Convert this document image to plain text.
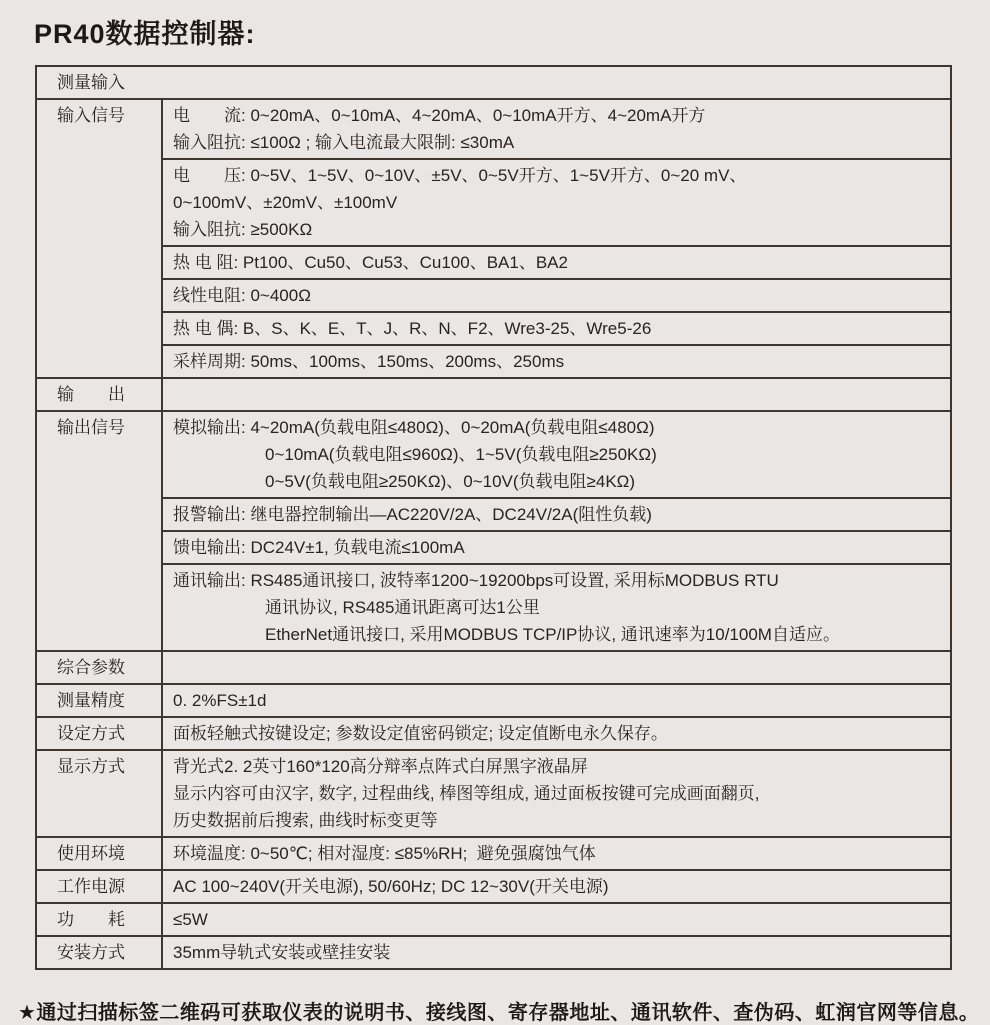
PR40数据控制器:
测量输入
输入信号	电　　流: 0~20mA、0~10mA、4~20mA、0~10mA开方、4~20mA开方
输入阻抗: ≤100Ω ; 输入电流最大限制: ≤30mA
电　　压: 0~5V、1~5V、0~10V、±5V、0~5V开方、1~5V开方、0~20 mV、
0~100mV、±20mV、±100mV
输入阻抗: ≥500KΩ
热 电 阻: Pt100、Cu50、Cu53、Cu100、BA1、BA2
线性电阻: 0~400Ω
热 电 偶: B、S、K、E、T、J、R、N、F2、Wre3-25、Wre5-26
采样周期: 50ms、100ms、150ms、200ms、250ms
输　　出
输出信号	模拟输出: 4~20mA(负载电阻≤480Ω)、0~20mA(负载电阻≤480Ω)
0~10mA(负载电阻≤960Ω)、1~5V(负载电阻≥250KΩ)
0~5V(负载电阻≥250KΩ)、0~10V(负载电阻≥4KΩ)
报警输出: 继电器控制输出—AC220V/2A、DC24V/2A(阻性负载)
馈电输出: DC24V±1, 负载电流≤100mA
通讯输出: RS485通讯接口, 波特率1200~19200bps可设置, 采用标MODBUS RTU
通讯协议, RS485通讯距离可达1公里
EtherNet通讯接口, 采用MODBUS TCP/IP协议, 通讯速率为10/100M自适应。
综合参数
测量精度	0. 2%FS±1d
设定方式	面板轻触式按键设定; 参数设定值密码锁定; 设定值断电永久保存。
显示方式	背光式2. 2英寸160*120高分辩率点阵式白屏黑字液晶屏
显示内容可由汉字, 数字, 过程曲线, 棒图等组成, 通过面板按键可完成画面翻页,
历史数据前后搜索, 曲线时标变更等
使用环境	环境温度: 0~50℃; 相对湿度: ≤85%RH;  避免强腐蚀气体
工作电源	AC 100~240V(开关电源), 50/60Hz; DC 12~30V(开关电源)
功　　耗	≤5W
安装方式	35mm导轨式安装或壁挂安装
★通过扫描标签二维码可获取仪表的说明书、接线图、寄存器地址、通讯软件、查伪码、虹润官网等信息。
